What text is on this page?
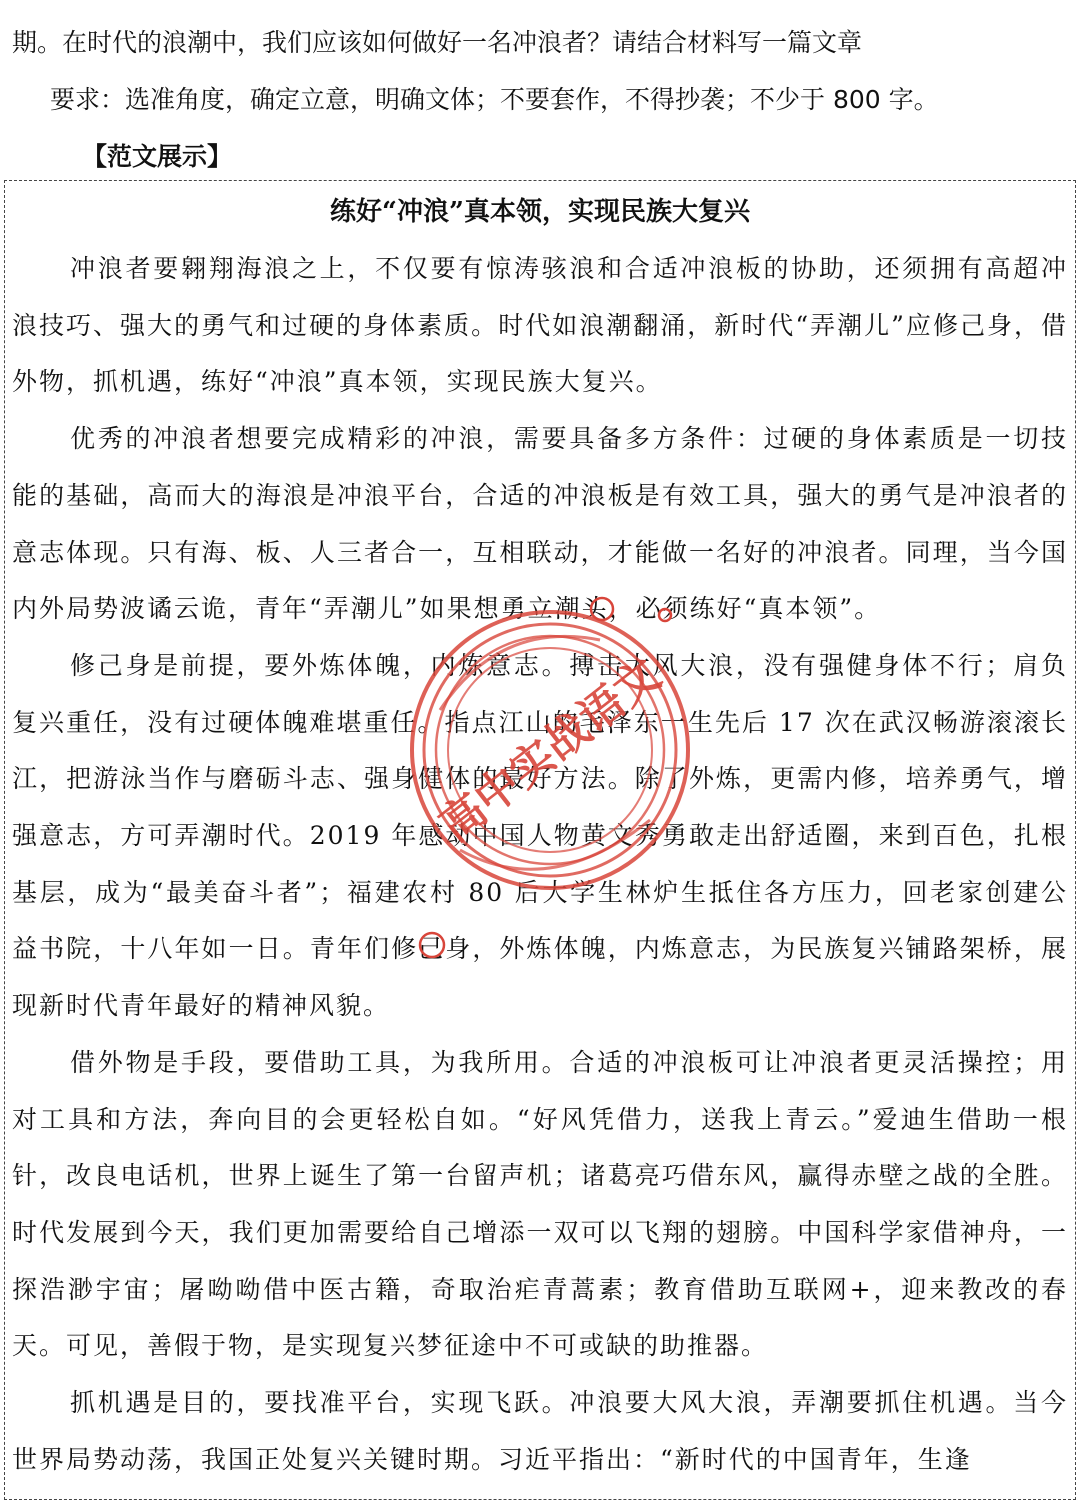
期。在时代的浪潮中，我们应该如何做好一名冲浪者？请结合材料写一篇文章

要求：选准角度，确定立意，明确文体；不要套作，不得抄袭；不少于 800 字。

【范文展示】

练好“冲浪”真本领，实现民族大复兴

冲浪者要翱翔海浪之上，不仅要有惊涛骇浪和合适冲浪板的协助，还须拥有高超冲浪技巧、强大的勇气和过硬的身体素质。时代如浪潮翻涌，新时代“弄潮儿”应修己身，借外物，抓机遇，练好“冲浪”真本领，实现民族大复兴。

优秀的冲浪者想要完成精彩的冲浪，需要具备多方条件：过硬的身体素质是一切技能的基础，高而大的海浪是冲浪平台，合适的冲浪板是有效工具，强大的勇气是冲浪者的意志体现。只有海、板、人三者合一，互相联动，才能做一名好的冲浪者。同理，当今国内外局势波谲云诡，青年“弄潮儿”如果想勇立潮头，必须练好“真本领”。

修己身是前提，要外炼体魄，内炼意志。搏击大风大浪，没有强健身体不行；肩负复兴重任，没有过硬体魄难堪重任。指点江山的毛泽东一生先后 17 次在武汉畅游滚滚长江，把游泳当作与磨砺斗志、强身健体的最好方法。除了外炼，更需内修，培养勇气，增强意志，方可弄潮时代。2019 年感动中国人物黄文秀勇敢走出舒适圈，来到百色，扎根基层，成为“最美奋斗者”；福建农村 80 后大学生林炉生抵住各方压力，回老家创建公益书院，十八年如一日。青年们修己身，外炼体魄，内炼意志，为民族复兴铺路架桥，展现新时代青年最好的精神风貌。

借外物是手段，要借助工具，为我所用。合适的冲浪板可让冲浪者更灵活操控；用对工具和方法，奔向目的会更轻松自如。“好风凭借力，送我上青云。”爱迪生借助一根针，改良电话机，世界上诞生了第一台留声机；诸葛亮巧借东风，赢得赤壁之战的全胜。时代发展到今天，我们更加需要给自己增添一双可以飞翔的翅膀。中国科学家借神舟，一探浩渺宇宙；屠呦呦借中医古籍，奇取治疟青蒿素；教育借助互联网+，迎来教改的春天。可见，善假于物，是实现复兴梦征途中不可或缺的助推器。

抓机遇是目的，要找准平台，实现飞跃。冲浪要大风大浪，弄潮要抓住机遇。当今世界局势动荡，我国正处复兴关键时期。习近平指出：“新时代的中国青年，生逢

高中实战语文
